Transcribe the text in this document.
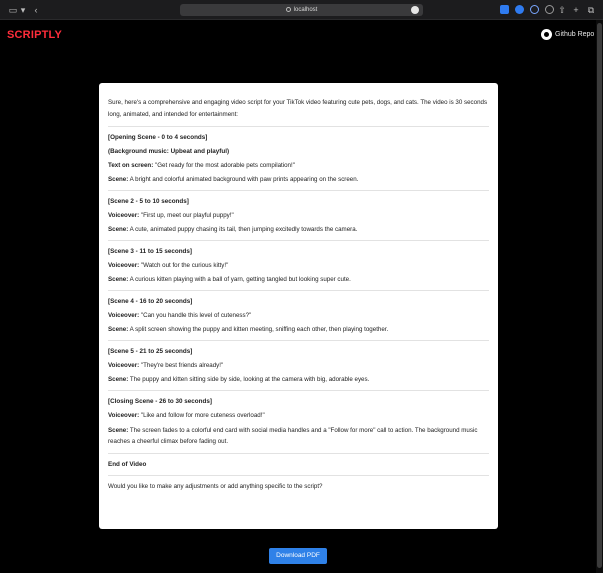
▭ ▾ ‹	localhost	⇧ + ⧉
SCRIPTLY	Github Repo
Sure, here's a comprehensive and engaging video script for your TikTok video featuring cute pets, dogs, and cats. The video is 30 seconds long, animated, and intended for entertainment:
[Opening Scene - 0 to 4 seconds]
(Background music: Upbeat and playful)
Text on screen: "Get ready for the most adorable pets compilation!"
Scene: A bright and colorful animated background with paw prints appearing on the screen.
[Scene 2 - 5 to 10 seconds]
Voiceover: "First up, meet our playful puppy!"
Scene: A cute, animated puppy chasing its tail, then jumping excitedly towards the camera.
[Scene 3 - 11 to 15 seconds]
Voiceover: "Watch out for the curious kitty!"
Scene: A curious kitten playing with a ball of yarn, getting tangled but looking super cute.
[Scene 4 - 16 to 20 seconds]
Voiceover: "Can you handle this level of cuteness?"
Scene: A split screen showing the puppy and kitten meeting, sniffing each other, then playing together.
[Scene 5 - 21 to 25 seconds]
Voiceover: "They're best friends already!"
Scene: The puppy and kitten sitting side by side, looking at the camera with big, adorable eyes.
[Closing Scene - 26 to 30 seconds]
Voiceover: "Like and follow for more cuteness overload!"
Scene: The screen fades to a colorful end card with social media handles and a "Follow for more" call to action. The background music reaches a cheerful climax before fading out.
End of Video
Would you like to make any adjustments or add anything specific to the script?
Download PDF
